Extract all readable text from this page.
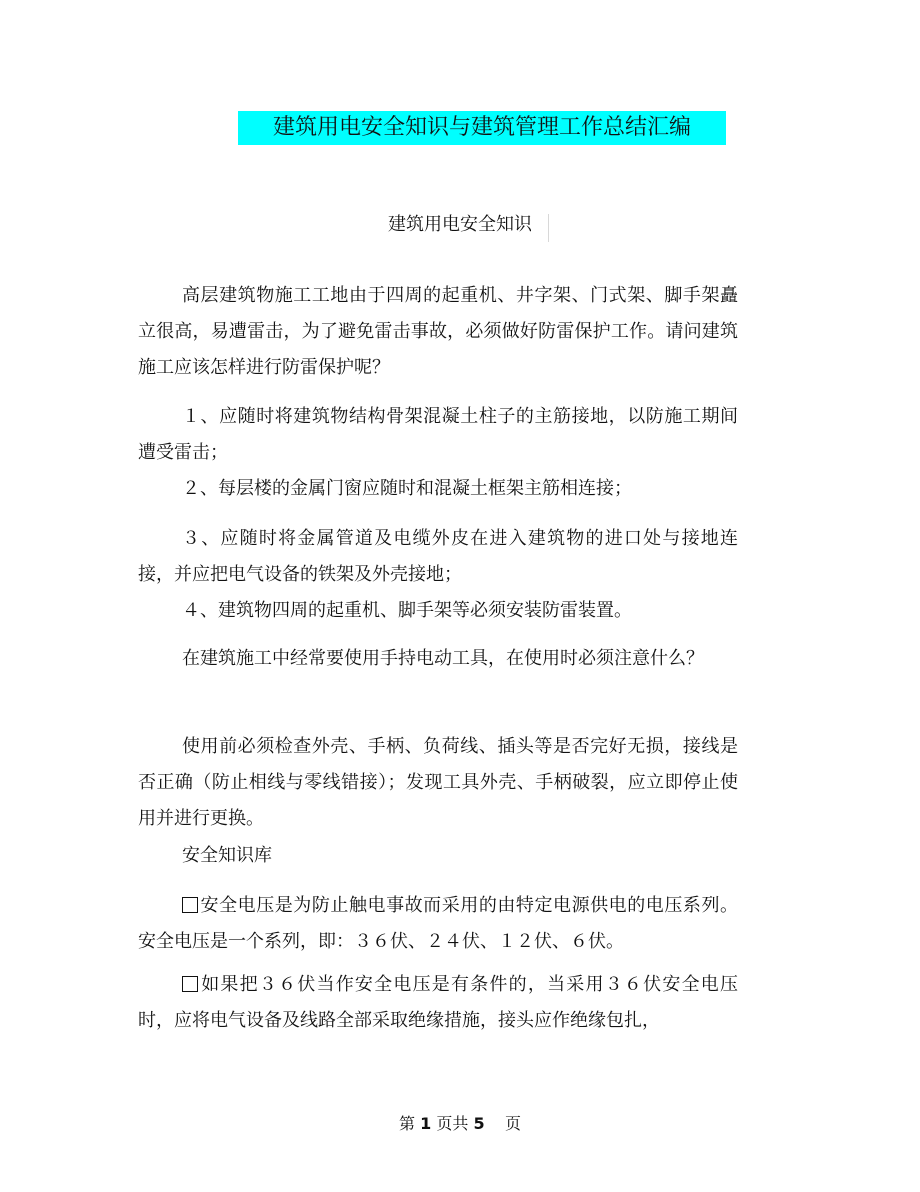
建筑用电安全知识与建筑管理工作总结汇编
建筑用电安全知识

高层建筑物施工工地由于四周的起重机、井字架、门式架、脚手架矗立很高，易遭雷击，为了避免雷击事故，必须做好防雷保护工作。请问建筑施工应该怎样进行防雷保护呢？

１、应随时将建筑物结构骨架混凝土柱子的主筋接地，以防施工期间遭受雷击；

２、每层楼的金属门窗应随时和混凝土框架主筋相连接；

３、应随时将金属管道及电缆外皮在进入建筑物的进口处与接地连接，并应把电气设备的铁架及外壳接地；

４、建筑物四周的起重机、脚手架等必须安装防雷装置。

在建筑施工中经常要使用手持电动工具，在使用时必须注意什么？

使用前必须检查外壳、手柄、负荷线、插头等是否完好无损，接线是否正确（防止相线与零线错接）；发现工具外壳、手柄破裂，应立即停止使用并进行更换。

安全知识库

安全电压是为防止触电事故而采用的由特定电源供电的电压系列。安全电压是一个系列，即：３６伏、２４伏、１２伏、６伏。

如果把３６伏当作安全电压是有条件的，当采用３６伏安全电压时，应将电气设备及线路全部采取绝缘措施，接头应作绝缘包扎，

第 1 页共 5 页
